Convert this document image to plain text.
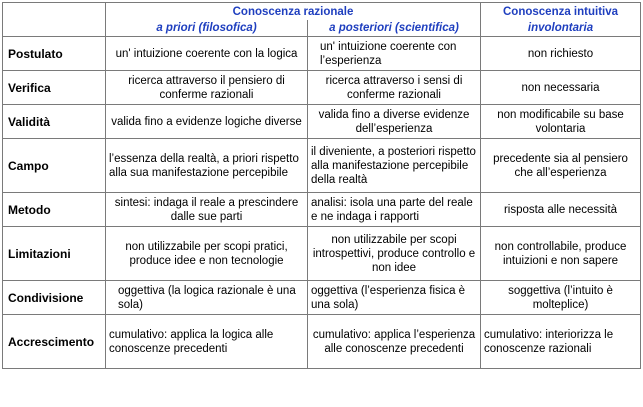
	Conoscenza razionale		Conoscenza intuitiva
	a priori (filosofica)	a posteriori (scientifica)	involontaria
Postulato	un' intuizione coerente con la logica	un' intuizione coerente con l’esperienza	non richiesto
Verifica	ricerca attraverso il pensiero di conferme razionali	ricerca attraverso i sensi di conferme razionali	non necessaria
Validità	valida fino a evidenze logiche diverse	valida fino a diverse evidenze dell’esperienza	non modificabile su base volontaria
Campo	l’essenza della realtà, a priori rispetto alla sua manifestazione percepibile	il diveniente, a posteriori rispetto alla manifestazione percepibile della realtà	precedente sia al pensiero che all’esperienza
Metodo	sintesi: indaga il reale a prescindere dalle sue parti	analisi: isola una parte del reale e ne indaga i rapporti	risposta alle necessità
Limitazioni	non utilizzabile per scopi pratici, produce idee e non tecnologie	non utilizzabile per scopi introspettivi, produce controllo e non idee	non controllabile, produce intuizioni e non sapere
Condivisione	oggettiva (la logica razionale è una sola)	oggettiva (l’esperienza fisica è una sola)	soggettiva (l’intuito è molteplice)
Accrescimento	cumulativo: applica la logica alle conoscenze precedenti	cumulativo: applica l’esperienza alle conoscenze precedenti	cumulativo: interiorizza le conoscenze razionali
